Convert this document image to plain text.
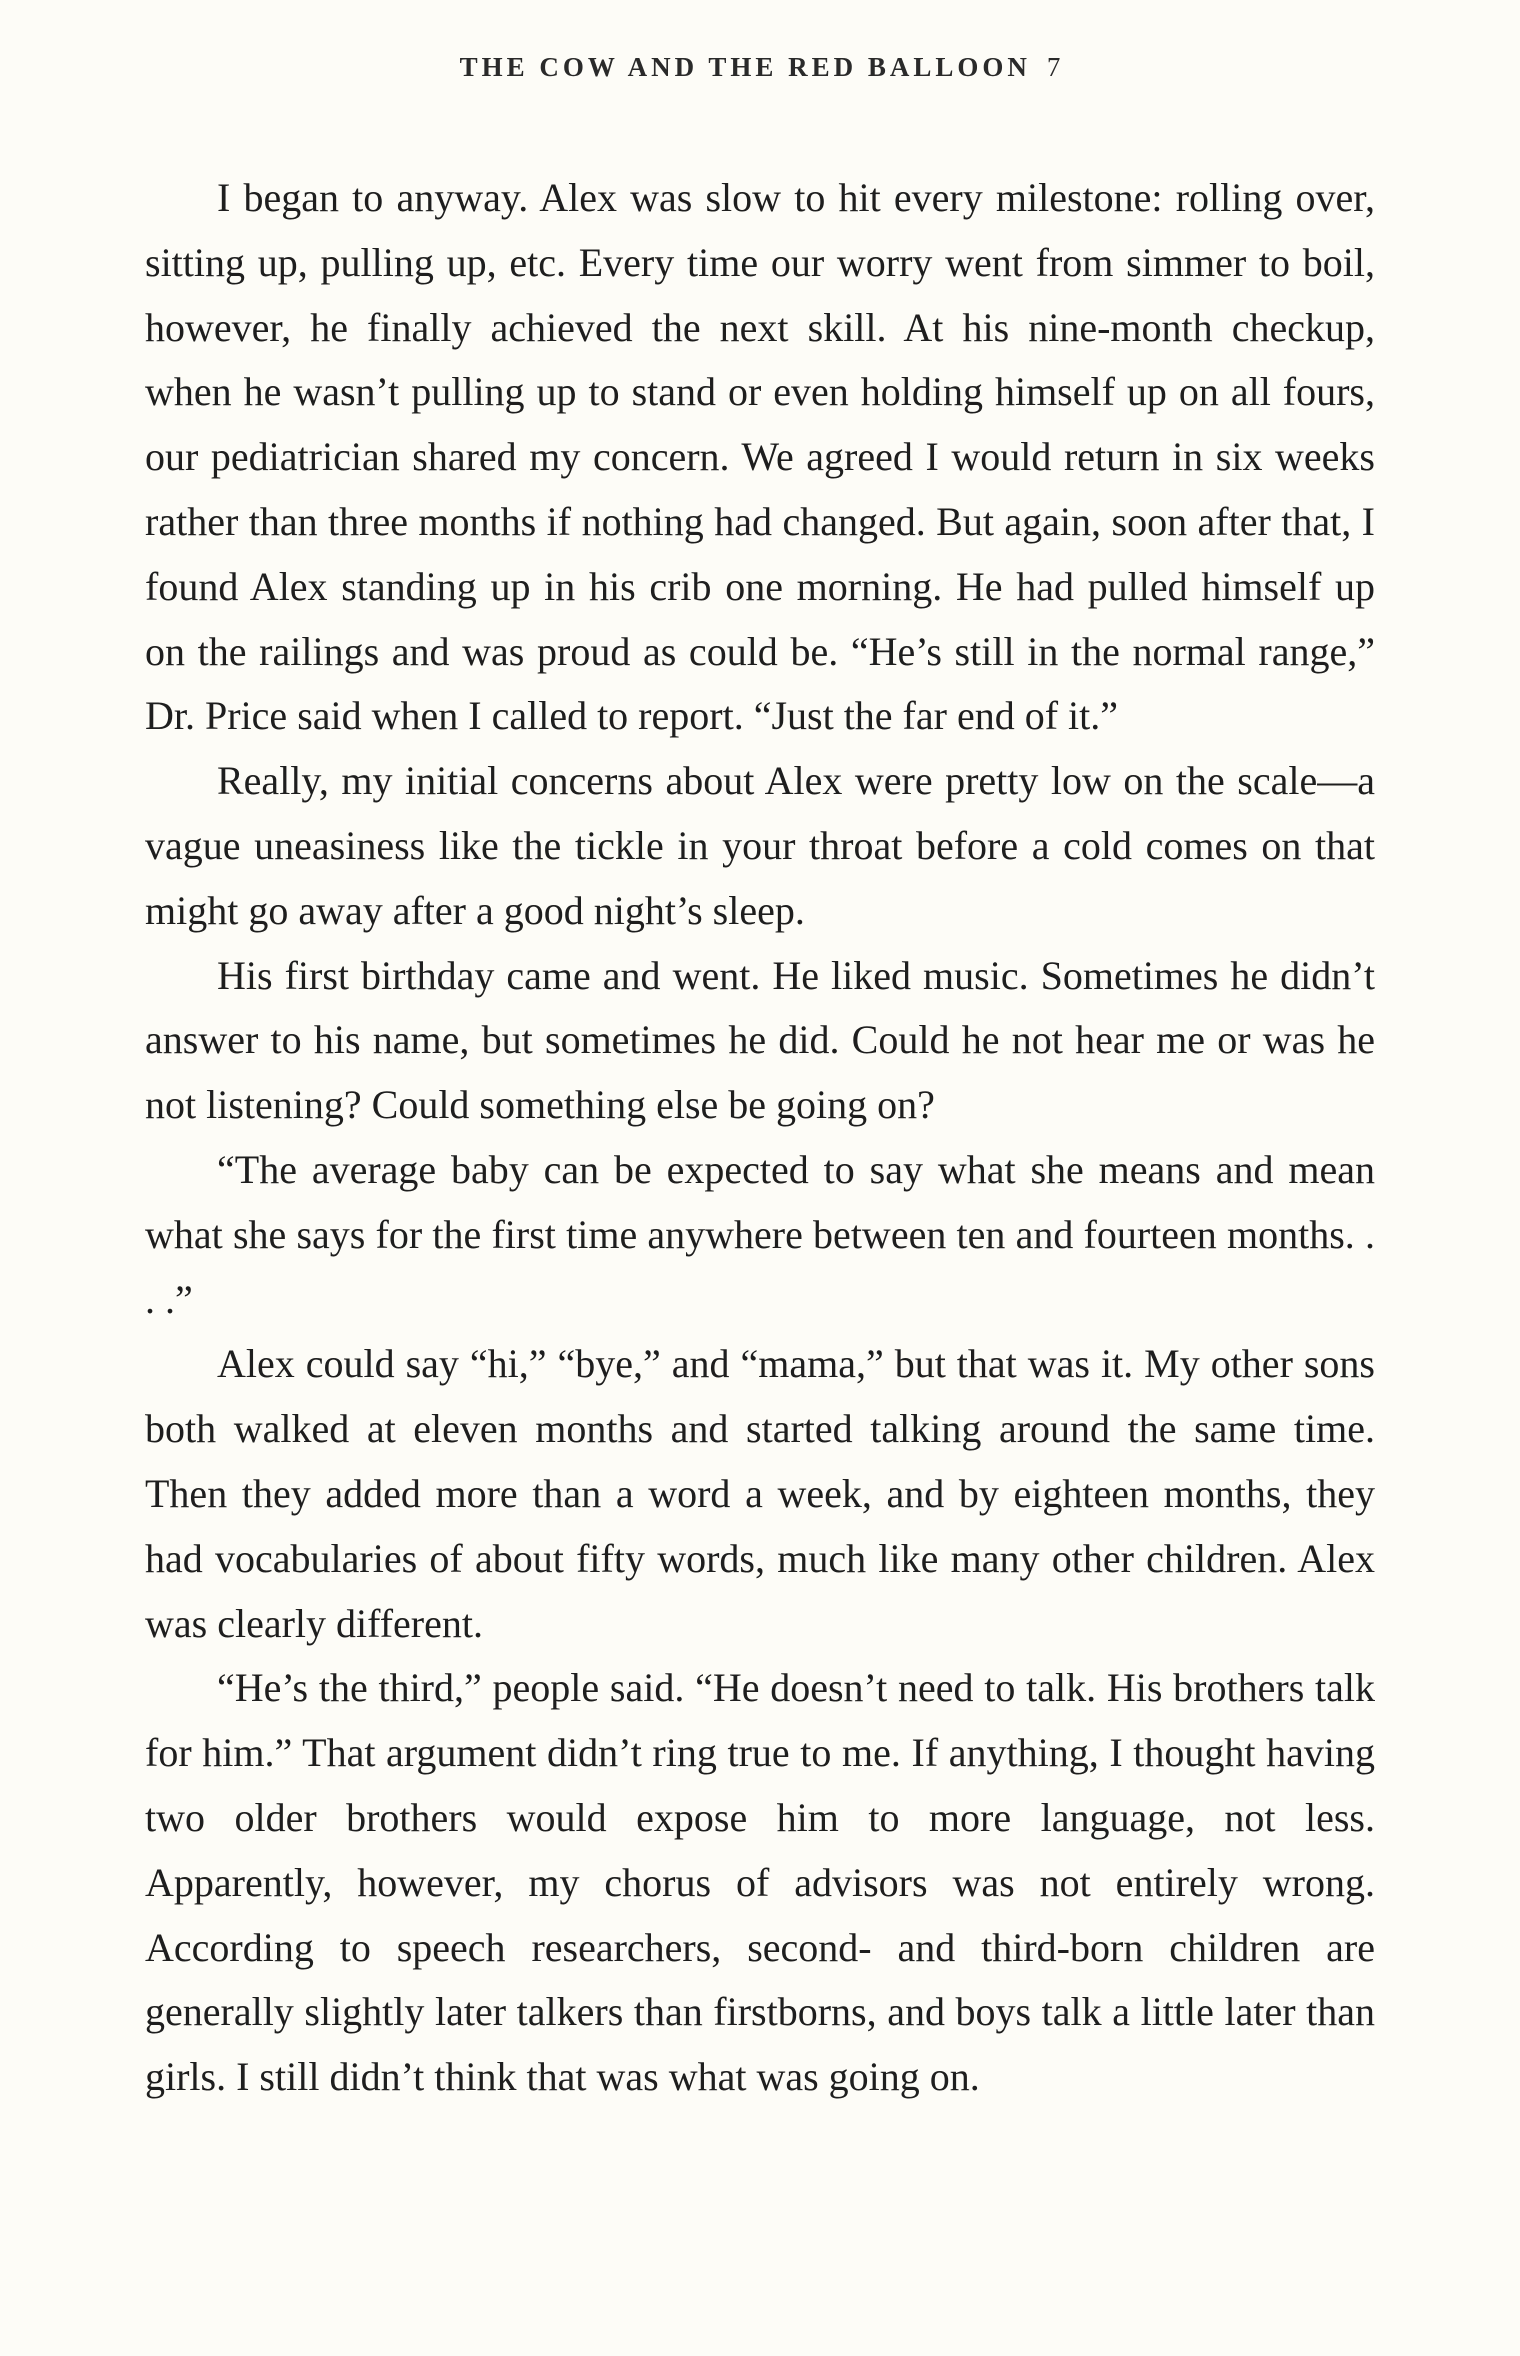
THE COW AND THE RED BALLOON 7

I began to anyway. Alex was slow to hit every milestone: rolling over, sitting up, pulling up, etc. Every time our worry went from simmer to boil, however, he finally achieved the next skill. At his nine-month checkup, when he wasn’t pulling up to stand or even holding himself up on all fours, our pediatrician shared my concern. We agreed I would return in six weeks rather than three months if nothing had changed. But again, soon after that, I found Alex standing up in his crib one morning. He had pulled himself up on the railings and was proud as could be. “He’s still in the normal range,” Dr. Price said when I called to report. “Just the far end of it.”

Really, my initial concerns about Alex were pretty low on the scale—a vague uneasiness like the tickle in your throat before a cold comes on that might go away after a good night’s sleep.

His first birthday came and went. He liked music. Sometimes he didn’t answer to his name, but sometimes he did. Could he not hear me or was he not listening? Could something else be going on?

“The average baby can be expected to say what she means and mean what she says for the first time anywhere between ten and fourteen months. . . .”

Alex could say “hi,” “bye,” and “mama,” but that was it. My other sons both walked at eleven months and started talking around the same time. Then they added more than a word a week, and by eighteen months, they had vocabularies of about fifty words, much like many other children. Alex was clearly different.

“He’s the third,” people said. “He doesn’t need to talk. His brothers talk for him.” That argument didn’t ring true to me. If anything, I thought having two older brothers would expose him to more language, not less. Apparently, however, my chorus of advisors was not entirely wrong. According to speech researchers, second- and third-born children are generally slightly later talkers than firstborns, and boys talk a little later than girls. I still didn’t think that was what was going on.
